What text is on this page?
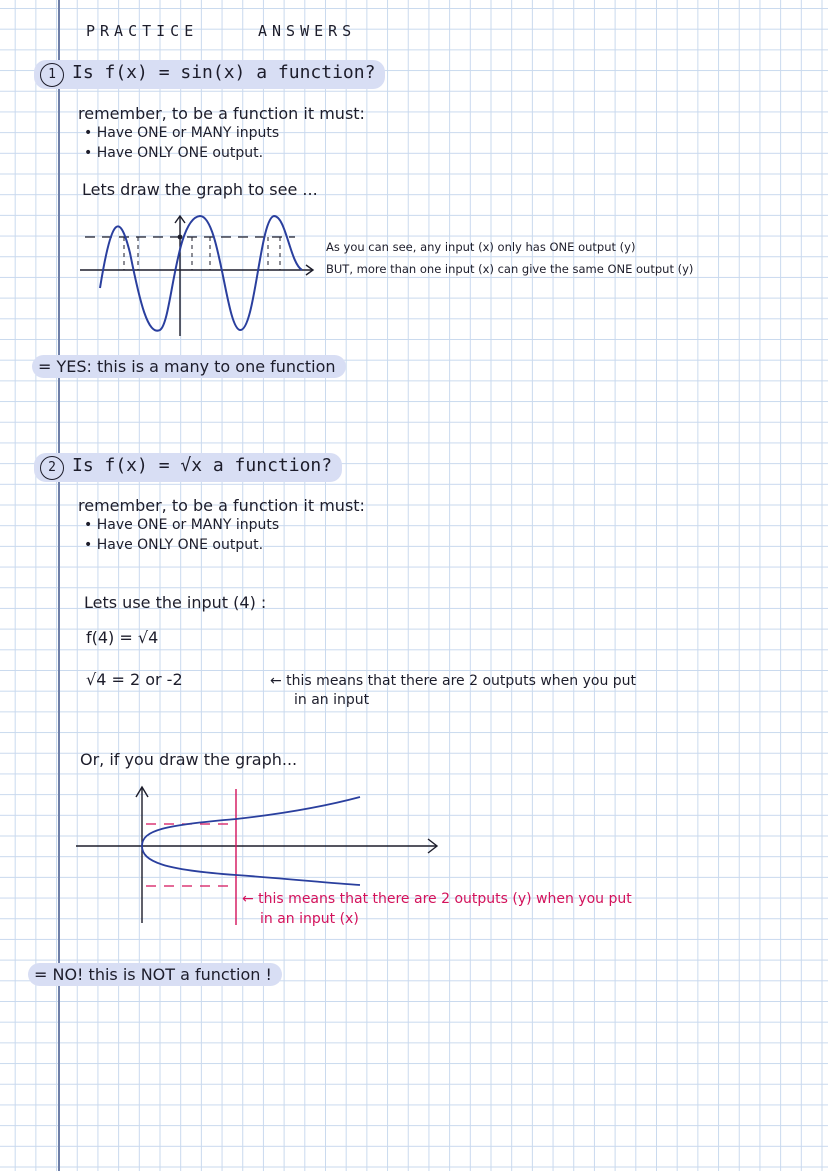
PRACTICE	ANSWERS
1 Is f(x) = sin(x) a function?
remember, to be a function it must:
• Have ONE or MANY inputs
• Have ONLY ONE output.
Lets draw the graph to see ...
As you can see, any input (x) only has ONE output (y)
BUT, more than one input (x) can give the same ONE output (y)
= YES: this is a many to one function
2 Is f(x) = √x a function?
remember, to be a function it must:
• Have ONE or MANY inputs
• Have ONLY ONE output.
Lets use the input (4) :
f(4) = √4
√4 = 2 or -2	← this means that there are 2 outputs when you put
in an input
Or, if you draw the graph...
← this means that there are 2 outputs (y) when you put
in an input (x)
= NO! this is NOT a function !
